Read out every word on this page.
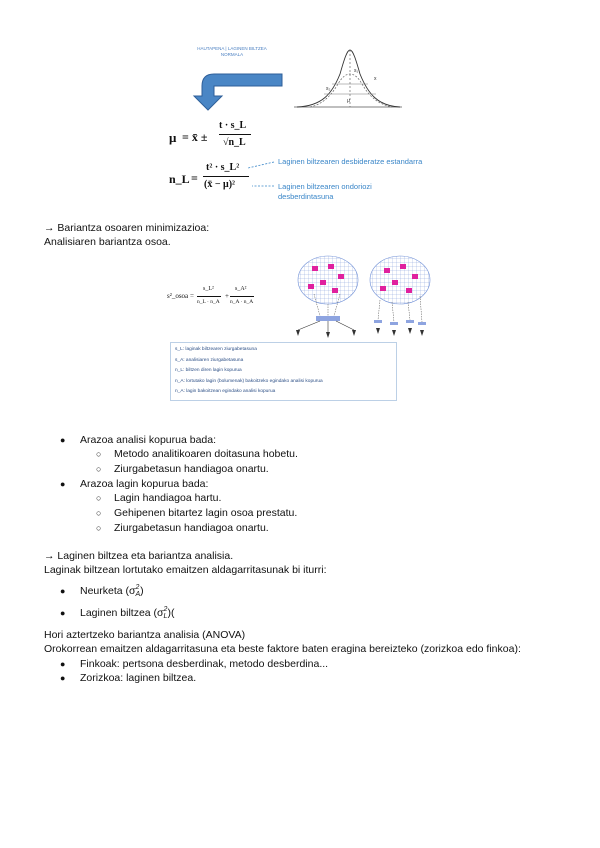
HAUTAPENA | LAGINEN BILTZEA
NORMALA
s₂
s₁
μ
x
μ = x̄ ±
t · s_L
√n_L
n_L =
t² · s_L²
(x̄ − μ)²
Laginen biltzearen desbideratze estandarra
Laginen biltzearen ondoriozi
desberdintasuna
→ Bariantza osoaren minimizazioa:
Analisiaren bariantza osoa.
s²_osoa =
s_L²
n_L · n_A
+
s_A²
n_A · n_A
s_L: laginak biltzearen ziurgabetasuna
s_A: analisiaren ziurgabetasuna
n_L: biltzen diren lagin kopurua
n_A: lortutako lagin (bolumenak) bakoitzeko egindako analisi kopurua
n_A: lagin bakoitzean egindako analisi kopurua
● Arazoa analisi kopurua bada:
○ Metodo analitikoaren doitasuna hobetu.
○ Ziurgabetasun handiagoa onartu.
● Arazoa lagin kopurua bada:
○ Lagin handiagoa hartu.
○ Gehipenen bitartez lagin osoa prestatu.
○ Ziurgabetasun handiagoa onartu.
→ Laginen biltzea eta bariantza analisia.
Laginak biltzean lortutako emaitzen aldagarritasunak bi iturri:
● Neurketa (σ 2
A )
● Laginen biltzea (σ 2
L )(
Hori aztertzeko bariantza analisia (ANOVA)
Orokorrean emaitzen aldagarritasuna eta beste faktore baten eragina bereizteko (zorizkoa edo finkoa):
● Finkoak: pertsona desberdinak, metodo desberdina...
● Zorizkoa: laginen biltzea.
